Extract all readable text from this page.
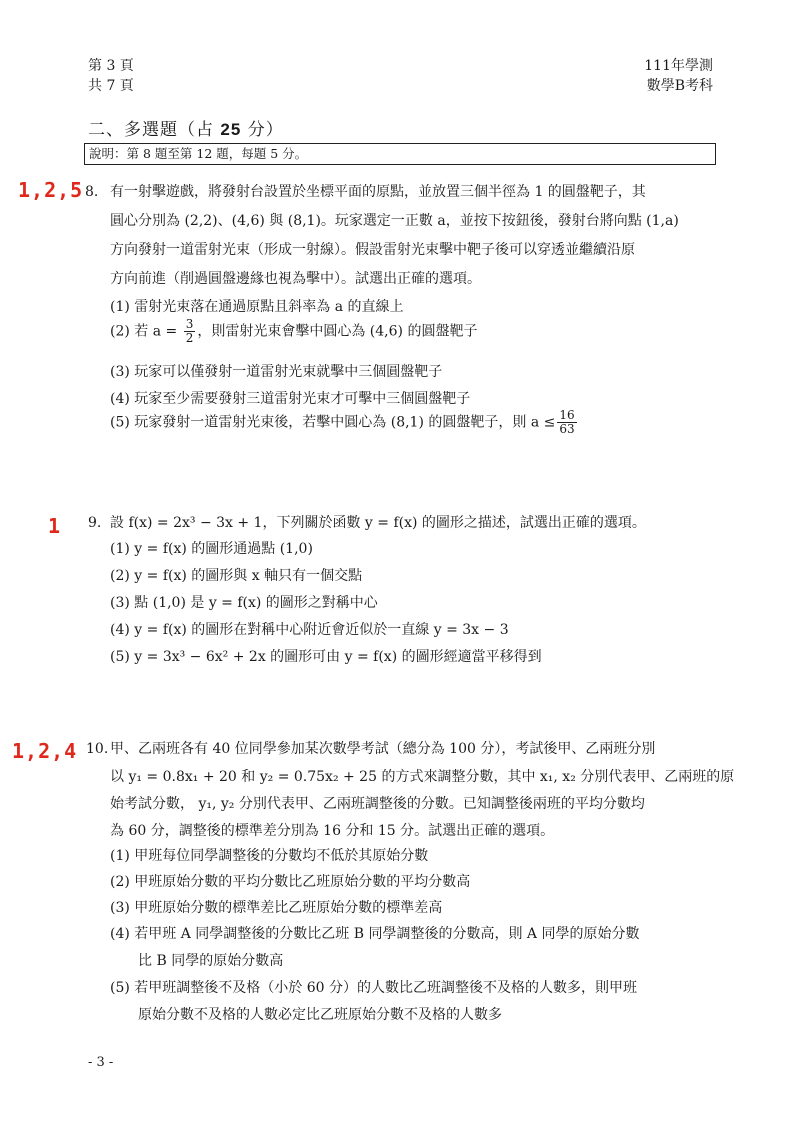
第 3 頁
共 7 頁
111年學測
數學B考科
二、多選題（占 25 分）
說明：第 8 題至第 12 題，每題 5 分。
1,2,5 8. 有一射擊遊戲，將發射台設置於坐標平面的原點，並放置三個半徑為 1 的圓盤靶子，其
圓心分別為 (2,2)、(4,6) 與 (8,1)。玩家選定一正數 a，並按下按鈕後，發射台將向點 (1,a)
方向發射一道雷射光束（形成一射線）。假設雷射光束擊中靶子後可以穿透並繼續沿原
方向前進（削過圓盤邊緣也視為擊中）。試選出正確的選項。
(1) 雷射光束落在通過原點且斜率為 a 的直線上
(2) 若 $a = \frac{3}{2}$ ，則雷射光束會擊中圓心為 (4,6) 的圓盤靶子
(3) 玩家可以僅發射一道雷射光束就擊中三個圓盤靶子
(4) 玩家至少需要發射三道雷射光束才可擊中三個圓盤靶子
(5) 玩家發射一道雷射光束後，若擊中圓心為 (8,1) 的圓盤靶子，則 $a \le \frac{16}{63}$
1 9. 設 f(x) = 2x³ − 3x + 1，下列關於函數 y = f(x) 的圖形之描述，試選出正確的選項。
(1) y = f(x) 的圖形通過點 (1,0)
(2) y = f(x) 的圖形與 x 軸只有一個交點
(3) 點 (1,0) 是 y = f(x) 的圖形之對稱中心
(4) y = f(x) 的圖形在對稱中心附近會近似於一直線 y = 3x − 3
(5) y = 3x³ − 6x² + 2x 的圖形可由 y = f(x) 的圖形經適當平移得到
1,2,4 10. 甲、乙兩班各有 40 位同學參加某次數學考試（總分為 100 分），考試後甲、乙兩班分別
以 y₁ = 0.8x₁ + 20 和 y₂ = 0.75x₂ + 25 的方式來調整分數，其中 x₁, x₂ 分別代表甲、乙兩班的原
始考試分數， y₁, y₂ 分別代表甲、乙兩班調整後的分數。已知調整後兩班的平均分數均
為 60 分，調整後的標準差分別為 16 分和 15 分。試選出正確的選項。
(1) 甲班每位同學調整後的分數均不低於其原始分數
(2) 甲班原始分數的平均分數比乙班原始分數的平均分數高
(3) 甲班原始分數的標準差比乙班原始分數的標準差高
(4) 若甲班 A 同學調整後的分數比乙班 B 同學調整後的分數高，則 A 同學的原始分數
比 B 同學的原始分數高
(5) 若甲班調整後不及格（小於 60 分）的人數比乙班調整後不及格的人數多，則甲班
原始分數不及格的人數必定比乙班原始分數不及格的人數多
- 3 -
